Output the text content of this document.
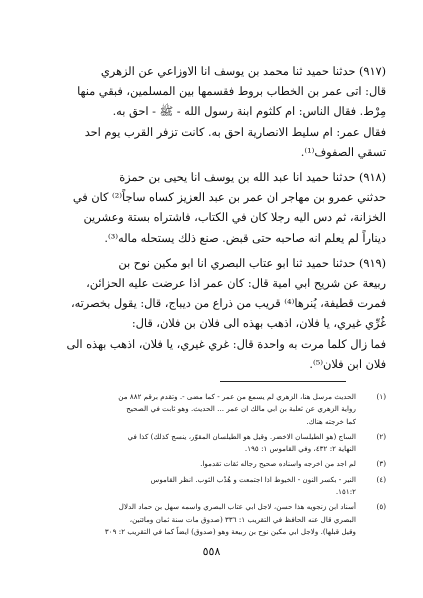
(٩١٧) حدثنا حميد ثنا محمد بن يوسف انا الاوزاعي عن الزهري
قال: اتى عمر بن الخطاب بروط فقسمها بين المسلمين، فبقي منها
مِرْط. فقال الناس: ام كلثوم ابنة رسول الله - ﷺ - احق به.
فقال عمر: ام سليط الانصارية احق به. كانت تزفر القرب يوم احد
تسقي الصفوف⁽¹⁾.

(٩١٨) حدثنا حميد انا عبد الله بن يوسف انا يحيى بن حمزة
حدثني عمرو بن مهاجر ان عمر بن عبد العزيز كساه ساجاً⁽²⁾ كان في
الخزانة، ثم دس اليه رجلا كان في الكتاب، فاشتراه بستة وعشرين
ديناراً لم يعلم انه صاحبه حتى قبض. صنع ذلك يستحله ماله⁽³⁾.

(٩١٩) حدثنا حميد ثنا ابو عتاب البصري انا ابو مكين نوح بن
ربيعة عن شريح ابي امية قال: كان عمر اذا عرضت عليه الحزائن،
فمرت قطيفة، يُنرها⁽⁴⁾ قريب من ذراع من ديباج، قال: يقول بخصرته،
غُرِّي غيري، يا فلان، اذهب بهذه الى فلان بن فلان، قال:
فما زال كلما مرت به واحدة قال: غري غيري، يا فلان، اذهب بهذه الى
فلان ابن فلان⁽⁵⁾.

(١)
الحديث مرسل هنا، الزهري لم يسمع من عمر - كما مضى -. وتقدم برقم ٨٨٢ من
رواية الزهري عن ثعلبة بن ابي مالك ان عمر ... الحديث. وهو ثابت في الصحيح
كما خرجته هناك.
(٢)
الساج (هو الطيلسان الاخضر. وقيل هو الطيلسان المقوّر، ينسج كذلك) كذا في
النهاية ٢: ٤٣٢، وفي القاموس ١: ١٩٥.
(٣)
لم اجد من اخرجه واسناده صحيح رجاله ثقات تقدموا.
(٤)
النير - بكسر النون - الخيوط اذا اجتمعت و هُدْب الثوب. انظر القاموس
١٥١:٢.
(٥)
أسناد ابن زنجويه هذا حسن، لاجل ابي عتاب البصري واسمه سهل بن حماد الدلال
البصري قال عنه الحافظ في التقريب ١: ٣٣٦ (صدوق مات سنة ثمان ومائتين،
وقيل قبلها). ولاجل ابي مكين نوح بن ربيعة وهو (صدوق) ايضاً كما في التقريب ٢: ٣٠٩
٥٥٨
